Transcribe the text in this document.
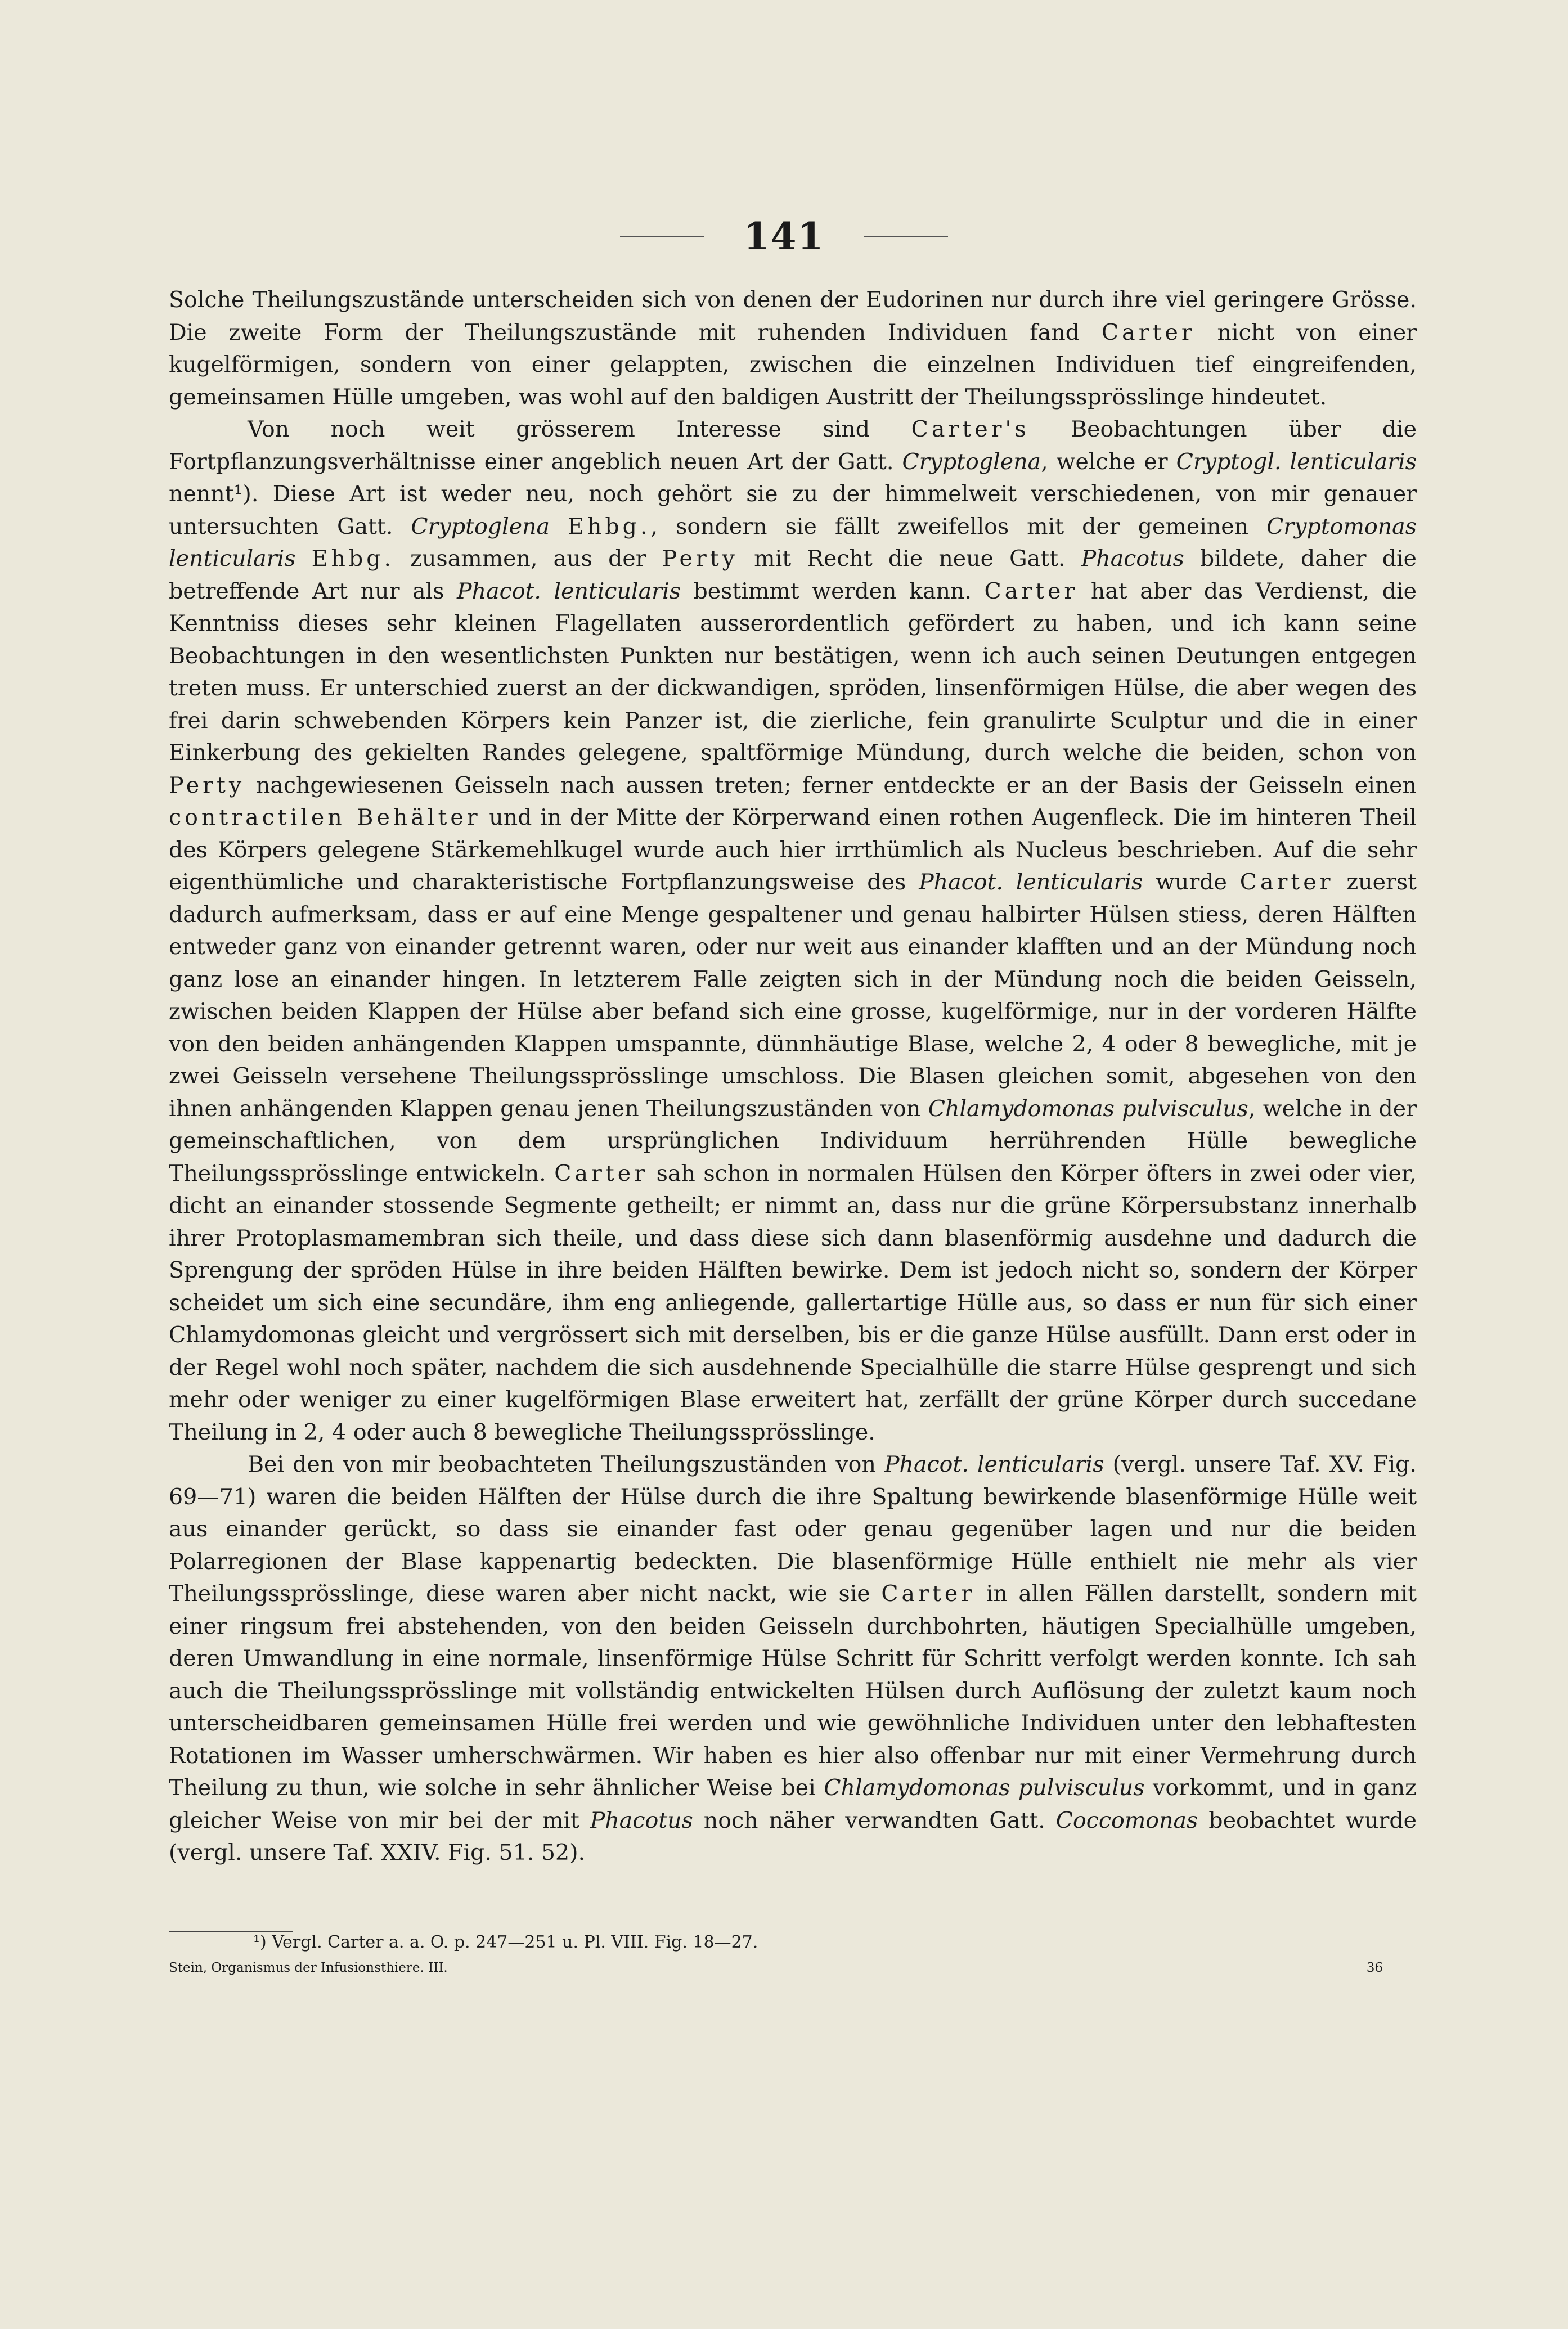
141

Solche Theilungszustände unterscheiden sich von denen der Eudorinen nur durch ihre viel geringere Grösse. Die zweite Form der Theilungszustände mit ruhenden Individuen fand Carter nicht von einer kugelförmigen, sondern von einer gelappten, zwischen die einzelnen Individuen tief eingreifenden, gemeinsamen Hülle umgeben, was wohl auf den baldigen Austritt der Theilungssprösslinge hindeutet.

Von noch weit grösserem Interesse sind Carter's Beobachtungen über die Fortpflanzungsverhältnisse einer angeblich neuen Art der Gatt. Cryptoglena, welche er Cryptogl. lenticularis nennt¹). Diese Art ist weder neu, noch gehört sie zu der himmelweit verschiedenen, von mir genauer untersuchten Gatt. Cryptoglena Ehbg., sondern sie fällt zweifellos mit der gemeinen Cryptomonas lenticularis Ehbg. zusammen, aus der Perty mit Recht die neue Gatt. Phacotus bildete, daher die betreffende Art nur als Phacot. lenticularis bestimmt werden kann. Carter hat aber das Verdienst, die Kenntniss dieses sehr kleinen Flagellaten ausserordentlich gefördert zu haben, und ich kann seine Beobachtungen in den wesentlichsten Punkten nur bestätigen, wenn ich auch seinen Deutungen entgegen treten muss. Er unterschied zuerst an der dickwandigen, spröden, linsenförmigen Hülse, die aber wegen des frei darin schwebenden Körpers kein Panzer ist, die zierliche, fein granulirte Sculptur und die in einer Einkerbung des gekielten Randes gelegene, spaltförmige Mündung, durch welche die beiden, schon von Perty nachgewiesenen Geisseln nach aussen treten; ferner entdeckte er an der Basis der Geisseln einen contractilen Behälter und in der Mitte der Körperwand einen rothen Augenfleck. Die im hinteren Theil des Körpers gelegene Stärkemehlkugel wurde auch hier irrthümlich als Nucleus beschrieben. Auf die sehr eigenthümliche und charakteristische Fortpflanzungsweise des Phacot. lenticularis wurde Carter zuerst dadurch aufmerksam, dass er auf eine Menge gespaltener und genau halbirter Hülsen stiess, deren Hälften entweder ganz von einander getrennt waren, oder nur weit aus einander klafften und an der Mündung noch ganz lose an einander hingen. In letzterem Falle zeigten sich in der Mündung noch die beiden Geisseln, zwischen beiden Klappen der Hülse aber befand sich eine grosse, kugelförmige, nur in der vorderen Hälfte von den beiden anhängenden Klappen umspannte, dünnhäutige Blase, welche 2, 4 oder 8 bewegliche, mit je zwei Geisseln versehene Theilungssprösslinge umschloss. Die Blasen gleichen somit, abgesehen von den ihnen anhängenden Klappen genau jenen Theilungszuständen von Chlamydomonas pulvisculus, welche in der gemeinschaftlichen, von dem ursprünglichen Individuum herrührenden Hülle bewegliche Theilungssprösslinge entwickeln. Carter sah schon in normalen Hülsen den Körper öfters in zwei oder vier, dicht an einander stossende Segmente getheilt; er nimmt an, dass nur die grüne Körpersubstanz innerhalb ihrer Protoplasmamembran sich theile, und dass diese sich dann blasenförmig ausdehne und dadurch die Sprengung der spröden Hülse in ihre beiden Hälften bewirke. Dem ist jedoch nicht so, sondern der Körper scheidet um sich eine secundäre, ihm eng anliegende, gallertartige Hülle aus, so dass er nun für sich einer Chlamydomonas gleicht und vergrössert sich mit derselben, bis er die ganze Hülse ausfüllt. Dann erst oder in der Regel wohl noch später, nachdem die sich ausdehnende Specialhülle die starre Hülse gesprengt und sich mehr oder weniger zu einer kugelförmigen Blase erweitert hat, zerfällt der grüne Körper durch succedane Theilung in 2, 4 oder auch 8 bewegliche Theilungssprösslinge.

Bei den von mir beobachteten Theilungszuständen von Phacot. lenticularis (vergl. unsere Taf. XV. Fig. 69—71) waren die beiden Hälften der Hülse durch die ihre Spaltung bewirkende blasenförmige Hülle weit aus einander gerückt, so dass sie einander fast oder genau gegenüber lagen und nur die beiden Polarregionen der Blase kappenartig bedeckten. Die blasenförmige Hülle enthielt nie mehr als vier Theilungssprösslinge, diese waren aber nicht nackt, wie sie Carter in allen Fällen darstellt, sondern mit einer ringsum frei abstehenden, von den beiden Geisseln durchbohrten, häutigen Specialhülle umgeben, deren Umwandlung in eine normale, linsenförmige Hülse Schritt für Schritt verfolgt werden konnte. Ich sah auch die Theilungssprösslinge mit vollständig entwickelten Hülsen durch Auflösung der zuletzt kaum noch unterscheidbaren gemeinsamen Hülle frei werden und wie gewöhnliche Individuen unter den lebhaftesten Rotationen im Wasser umherschwärmen. Wir haben es hier also offenbar nur mit einer Vermehrung durch Theilung zu thun, wie solche in sehr ähnlicher Weise bei Chlamydomonas pulvisculus vorkommt, und in ganz gleicher Weise von mir bei der mit Phacotus noch näher verwandten Gatt. Coccomonas beobachtet wurde (vergl. unsere Taf. XXIV. Fig. 51. 52).

¹) Vergl. Carter a. a. O. p. 247—251 u. Pl. VIII. Fig. 18—27.
Stein, Organismus der Infusionsthiere. III.	36
